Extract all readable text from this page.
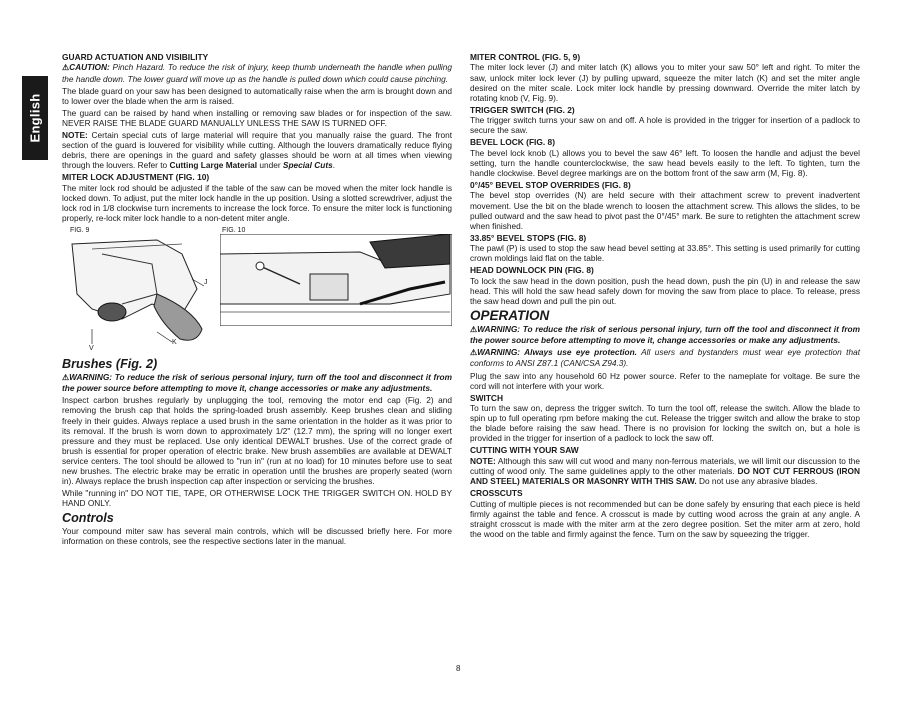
English
GUARD ACTUATION AND VISIBILITY

⚠CAUTION: Pinch Hazard. To reduce the risk of injury, keep thumb underneath the handle when pulling the handle down. The lower guard will move up as the handle is pulled down which could cause pinching.

The blade guard on your saw has been designed to automatically raise when the arm is brought down and to lower over the blade when the arm is raised.

The guard can be raised by hand when installing or removing saw blades or for inspection of the saw. NEVER RAISE THE BLADE GUARD MANUALLY UNLESS THE SAW IS TURNED OFF.

NOTE: Certain special cuts of large material will require that you manually raise the guard. The front section of the guard is louvered for visibility while cutting. Although the louvers dramatically reduce flying debris, there are openings in the guard and safety glasses should be worn at all times when viewing through the louvers. Refer to Cutting Large Material under Special Cuts.

MITER LOCK ADJUSTMENT (FIG. 10)

The miter lock rod should be adjusted if the table of the saw can be moved when the miter lock handle is locked down. To adjust, put the miter lock handle in the up position. Using a slotted screwdriver, adjust the lock rod in 1/8 clockwise turn increments to increase the lock force. To ensure the miter lock is functioning properly, re-lock miter lock handle to a non-detent miter angle.

FIG. 9	FIG. 10
J
V
K
Brushes (Fig. 2)

⚠WARNING: To reduce the risk of serious personal injury, turn off the tool and disconnect it from the power source before attempting to move it, change accessories or make any adjustments.

Inspect carbon brushes regularly by unplugging the tool, removing the motor end cap (Fig. 2) and removing the brush cap that holds the spring-loaded brush assembly. Keep brushes clean and sliding freely in their guides. Always replace a used brush in the same orientation in the holder as it was prior to its removal. If the brush is worn down to approximately 1/2" (12.7 mm), the spring will no longer exert pressure and they must be replaced. Use only identical DEWALT brushes. Use of the correct grade of brush is essential for proper operation of electric brake. New brush assemblies are available at DEWALT service centers. The tool should be allowed to "run in" (run at no load) for 10 minutes before use to seat new brushes. The electric brake may be erratic in operation until the brushes are properly seated (worn in). Always replace the brush inspection cap after inspection or servicing the brushes.

While "running in" DO NOT TIE, TAPE, OR OTHERWISE LOCK THE TRIGGER SWITCH ON. HOLD BY HAND ONLY.

Controls

Your compound miter saw has several main controls, which will be discussed briefly here. For more information on these controls, see the respective sections later in the manual.

MITER CONTROL (FIG. 5, 9)

The miter lock lever (J) and miter latch (K) allows you to miter your saw 50° left and right. To miter the saw, unlock miter lock lever (J) by pulling upward, squeeze the miter latch (K) and set the miter angle desired on the miter scale. Lock miter lock handle by pressing downward. Override the miter latch by rotating knob (V, Fig. 9).

TRIGGER SWITCH (FIG. 2)

The trigger switch turns your saw on and off. A hole is provided in the trigger for insertion of a padlock to secure the saw.

BEVEL LOCK (FIG. 8)

The bevel lock knob (L) allows you to bevel the saw 46° left. To loosen the handle and adjust the bevel setting, turn the handle counterclockwise, the saw head bevels easily to the left. To tighten, turn the handle clockwise. Bevel degree markings are on the bottom front of the saw arm (M, Fig. 8).

0°/45° BEVEL STOP OVERRIDES (FIG. 8)

The bevel stop overrides (N) are held secure with their attachment screw to prevent inadvertent movement. Use the bit on the blade wrench to loosen the attachment screw. This allows the slides, to be pulled outward and the saw head to pivot past the 0°/45° mark. Be sure to retighten the attachment screw when finished.

33.85° BEVEL STOPS (FIG. 8)

The pawl (P) is used to stop the saw head bevel setting at 33.85°. This setting is used primarily for cutting crown moldings laid flat on the table.

HEAD DOWNLOCK PIN (FIG. 8)

To lock the saw head in the down position, push the head down, push the pin (U) in and release the saw head. This will hold the saw head safely down for moving the saw from place to place. To release, press the saw head down and pull the pin out.

OPERATION

⚠WARNING: To reduce the risk of serious personal injury, turn off the tool and disconnect it from the power source before attempting to move it, change accessories or make any adjustments.

⚠WARNING: Always use eye protection. All users and bystanders must wear eye protection that conforms to ANSI Z87.1 (CAN/CSA Z94.3).

Plug the saw into any household 60 Hz power source. Refer to the nameplate for voltage. Be sure the cord will not interfere with your work.

SWITCH

To turn the saw on, depress the trigger switch. To turn the tool off, release the switch. Allow the blade to spin up to full operating rpm before making the cut. Release the trigger switch and allow the brake to stop the blade before raising the saw head. There is no provision for locking the switch on, but a hole is provided in the trigger for insertion of a padlock to lock the saw off.

CUTTING WITH YOUR SAW

NOTE: Although this saw will cut wood and many non-ferrous materials, we will limit our discussion to the cutting of wood only. The same guidelines apply to the other materials. DO NOT CUT FERROUS (IRON AND STEEL) MATERIALS OR MASONRY WITH THIS SAW. Do not use any abrasive blades.

CROSSCUTS

Cutting of multiple pieces is not recommended but can be done safely by ensuring that each piece is held firmly against the table and fence. A crosscut is made by cutting wood across the grain at any angle. A straight crosscut is made with the miter arm at the zero degree position. Set the miter arm at zero, hold the wood on the table and firmly against the fence. Turn on the saw by squeezing the trigger.

8
